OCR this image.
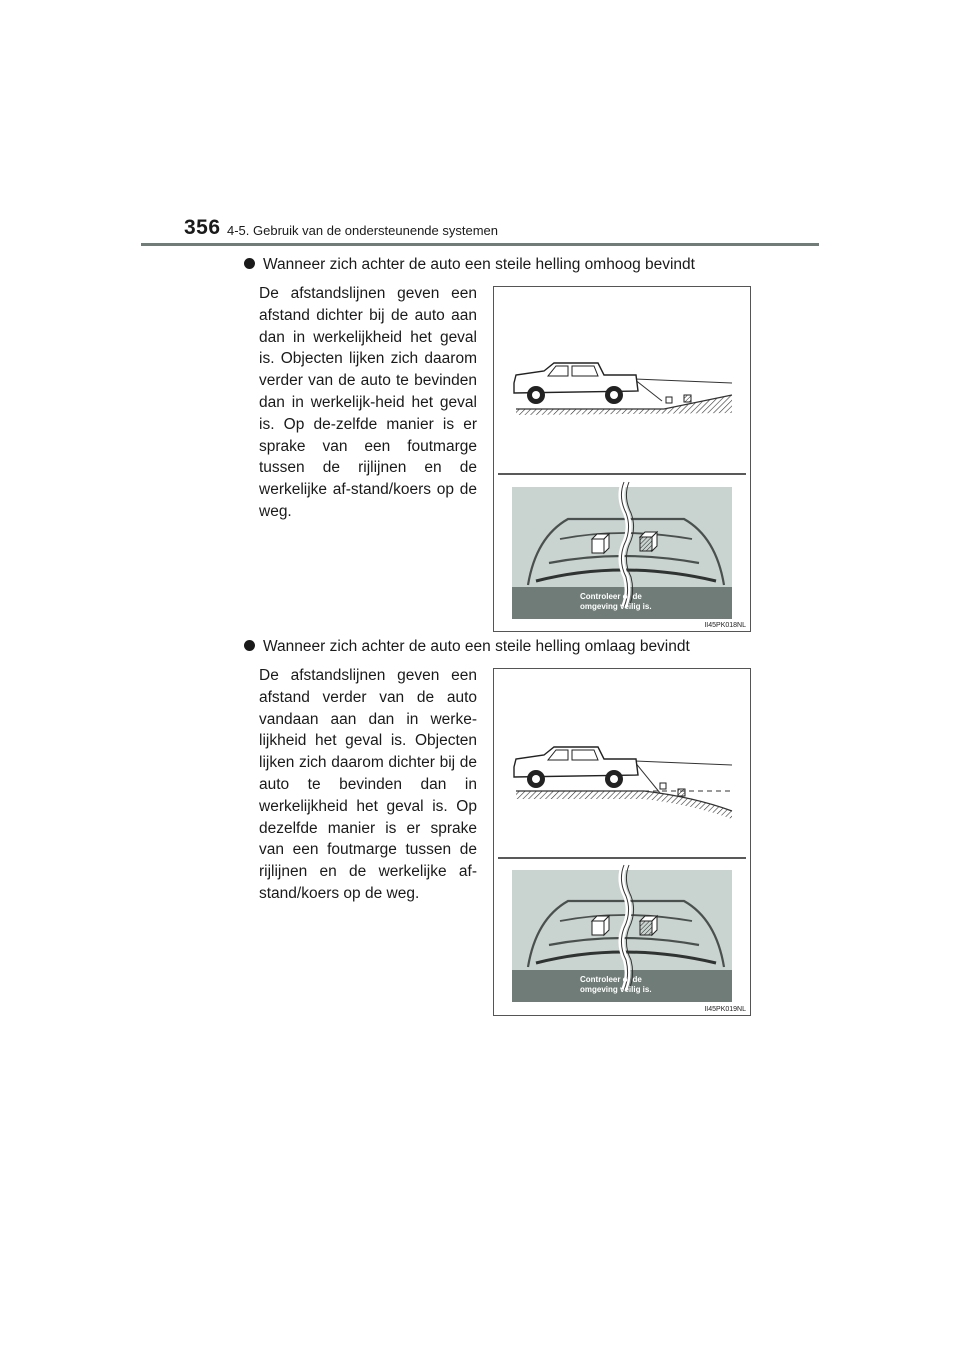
356 4-5. Gebruik van de ondersteunende systemen
Wanneer zich achter de auto een steile helling omhoog bevindt
De afstandslijnen geven een afstand dichter bij de auto aan dan in werkelijkheid het geval is. Objecten lijken zich daarom verder van de auto te bevinden dan in werkelijk-heid het geval is. Op de-zelfde manier is er sprake van een foutmarge tussen de rijlijnen en de werkelijke af-stand/koers op de weg.
Controleer of de
omgeving veilig is.
II45PK018NL
Wanneer zich achter de auto een steile helling omlaag bevindt
De afstandslijnen geven een afstand verder van de auto vandaan aan dan in werke-lijkheid het geval is. Objecten lijken zich daarom dichter bij de auto te bevinden dan in werkelijkheid het geval is. Op dezelfde manier is er sprake van een foutmarge tussen de rijlijnen en de werkelijke af-stand/koers op de weg.
Controleer of de
omgeving veilig is.
II45PK019NL
